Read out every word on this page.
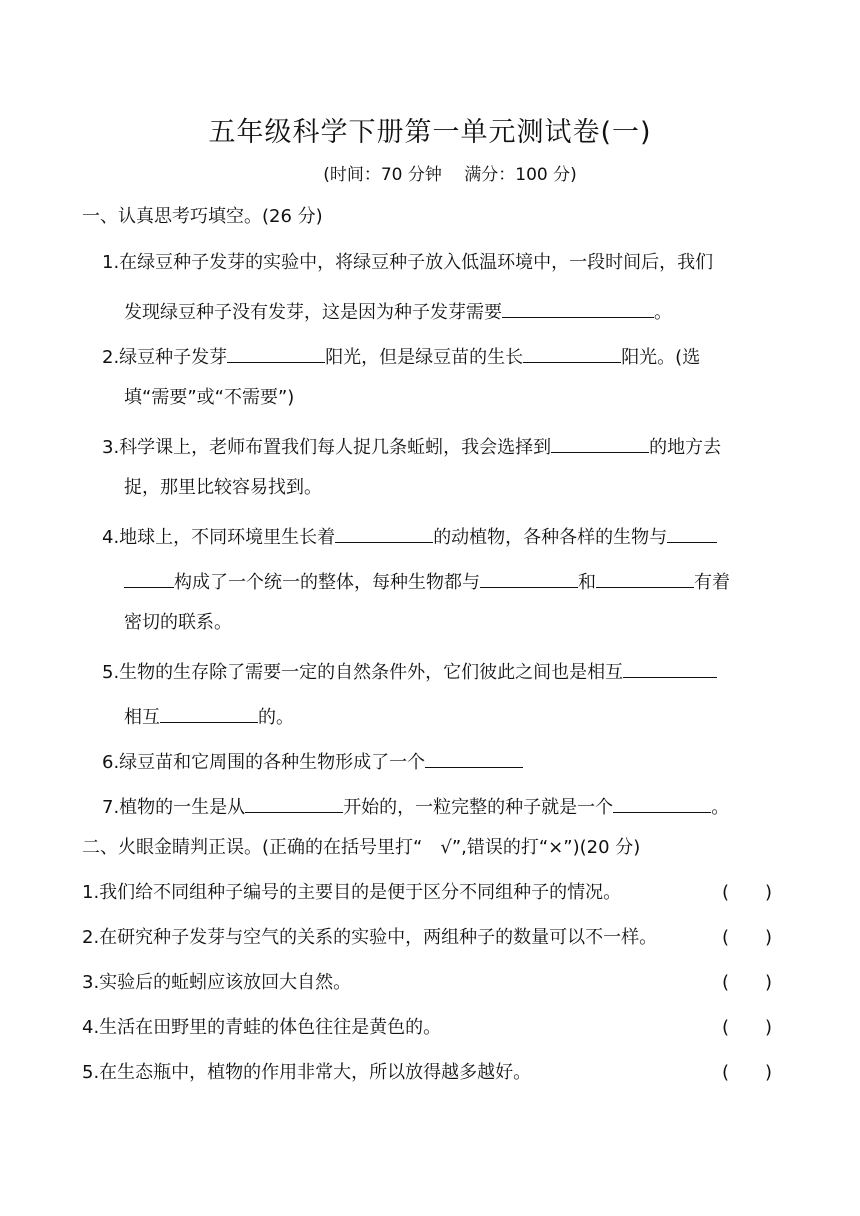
五年级科学下册第一单元测试卷(一)
(时间：70 分钟　 满分：100 分)
一、认真思考巧填空。(26 分)
1.在绿豆种子发芽的实验中，将绿豆种子放入低温环境中，一段时间后，我们
发现绿豆种子没有发芽，这是因为种子发芽需要	。
2.绿豆种子发芽	阳光，但是绿豆苗的生长	阳光。(选
填“需要”或“不需要”)
3.科学课上，老师布置我们每人捉几条蚯蚓，我会选择到	的地方去
捉，那里比较容易找到。
4.地球上，不同环境里生长着	的动植物，各种各样的生物与
构成了一个统一的整体，每种生物都与	和	有着
密切的联系。
5.生物的生存除了需要一定的自然条件外，它们彼此之间也是相互
相互	的。
6.绿豆苗和它周围的各种生物形成了一个
7.植物的一生是从	开始的，一粒完整的种子就是一个	。
二、火眼金睛判正误。(正确的在括号里打“　√”,错误的打“×”)(20 分)
1.我们给不同组种子编号的主要目的是便于区分不同组种子的情况。	(　　)
2.在研究种子发芽与空气的关系的实验中，两组种子的数量可以不一样。	(　　)
3.实验后的蚯蚓应该放回大自然。	(　　)
4.生活在田野里的青蛙的体色往往是黄色的。	(　　)
5.在生态瓶中，植物的作用非常大，所以放得越多越好。	(　　)
